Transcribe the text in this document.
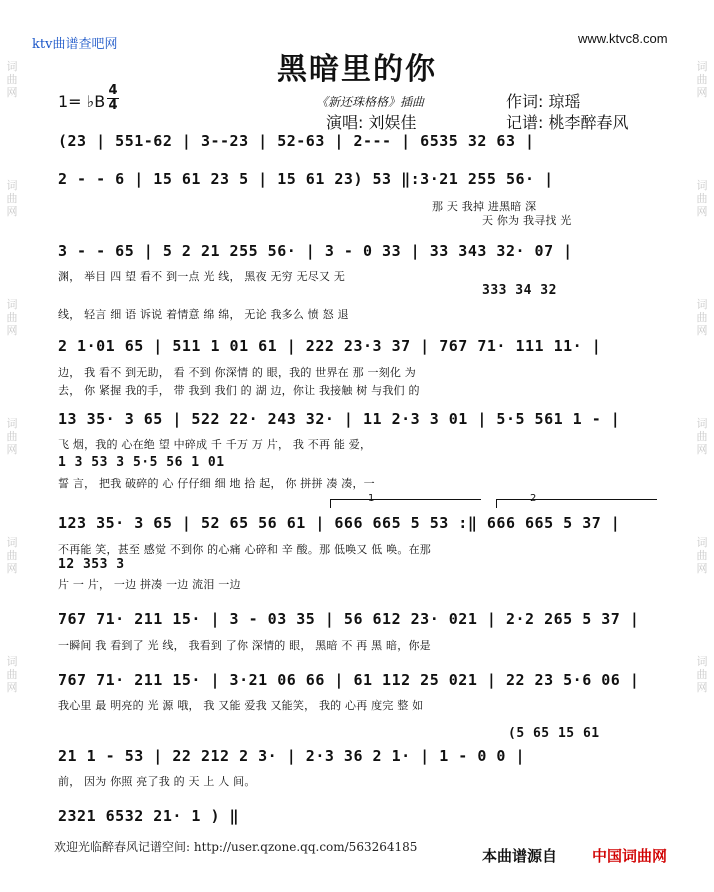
词曲网
词曲网
词曲网
词曲网
词曲网
词曲网
词曲网
词曲网
词曲网
词曲网
词曲网
词曲网
ktv曲谱查吧网	www.ktvc8.com
黑暗里的你
1= ♭B
4
4	《新还珠格格》插曲	作词: 琼瑶
演唱: 刘娱佳	记谱: 桃李醉春风
(23 | 551-62 | 3--23 | 52-63 | 2--- | 6535 32 63 |
2 - - 6 | 15 61 23 5 | 15 61 23) 53 ‖:3·21 255 56· |
那 天 我掉 进黑暗 深
天 你为 我寻找 光
3 - - 65 | 5 2 21 255 56· | 3 - 0 33 | 33 343 32· 07 |
渊， 举目 四 望 看不 到一点 光 线， 黑夜 无穷 无尽又 无
333 34 32
线， 轻言 细 语 诉说 着情意 绵 绵， 无论 我多么 愤 怒 退
2 1·01 65 | 511 1 01 61 | 222 23·3 37 | 767 71· 111 11· |
边， 我 看不 到无助， 看 不到 你深情 的 眼，我的 世界在 那 一刻化 为
去， 你 紧握 我的手， 带 我到 我们 的 湖 边，你让 我接触 树 与我们 的
13 35· 3 65 | 522 22· 243 32· | 11 2·3 3 01 | 5·5 561 1 - |
飞 烟，我的 心在绝 望 中碎成 千 千万 万 片， 我 不再 能 爱，
1 3 53 3 5·5 56 1 01
誓 言， 把我 破碎的 心 仔仔细 细 地 拾 起， 你 拼拼 凑 凑，一
1	2
123 35· 3 65 | 52 65 56 61 | 666 665 5 53 :‖ 666 665 5 37 |
不再能 笑，甚至 感觉 不到你 的心痛 心碎和 辛 酸。那 低唤又 低 唤。在那
12 353 3
片 一 片， 一边 拼凑 一边 流泪 一边
767 71· 211 15· | 3 - 03 35 | 56 612 23· 021 | 2·2 265 5 37 |
一瞬间 我 看到了 光 线， 我看到 了你 深情的 眼， 黑暗 不 再 黑 暗，你是
767 71· 211 15· | 3·21 06 66 | 61 112 25 021 | 22 23 5·6 06 |
我心里 最 明亮的 光 源 哦， 我 又能 爱我 又能笑， 我的 心再 度完 整 如
(5 65 15 61
21 1 - 53 | 22 212 2 3· | 2·3 36 2 1· | 1 - 0 0 |
前， 因为 你照 亮了我 的 天 上 人 间。
2321 6532 21· 1 ) ‖
欢迎光临醉春风记谱空间: http://user.qzone.qq.com/563264185	本曲谱源自 中国词曲网
